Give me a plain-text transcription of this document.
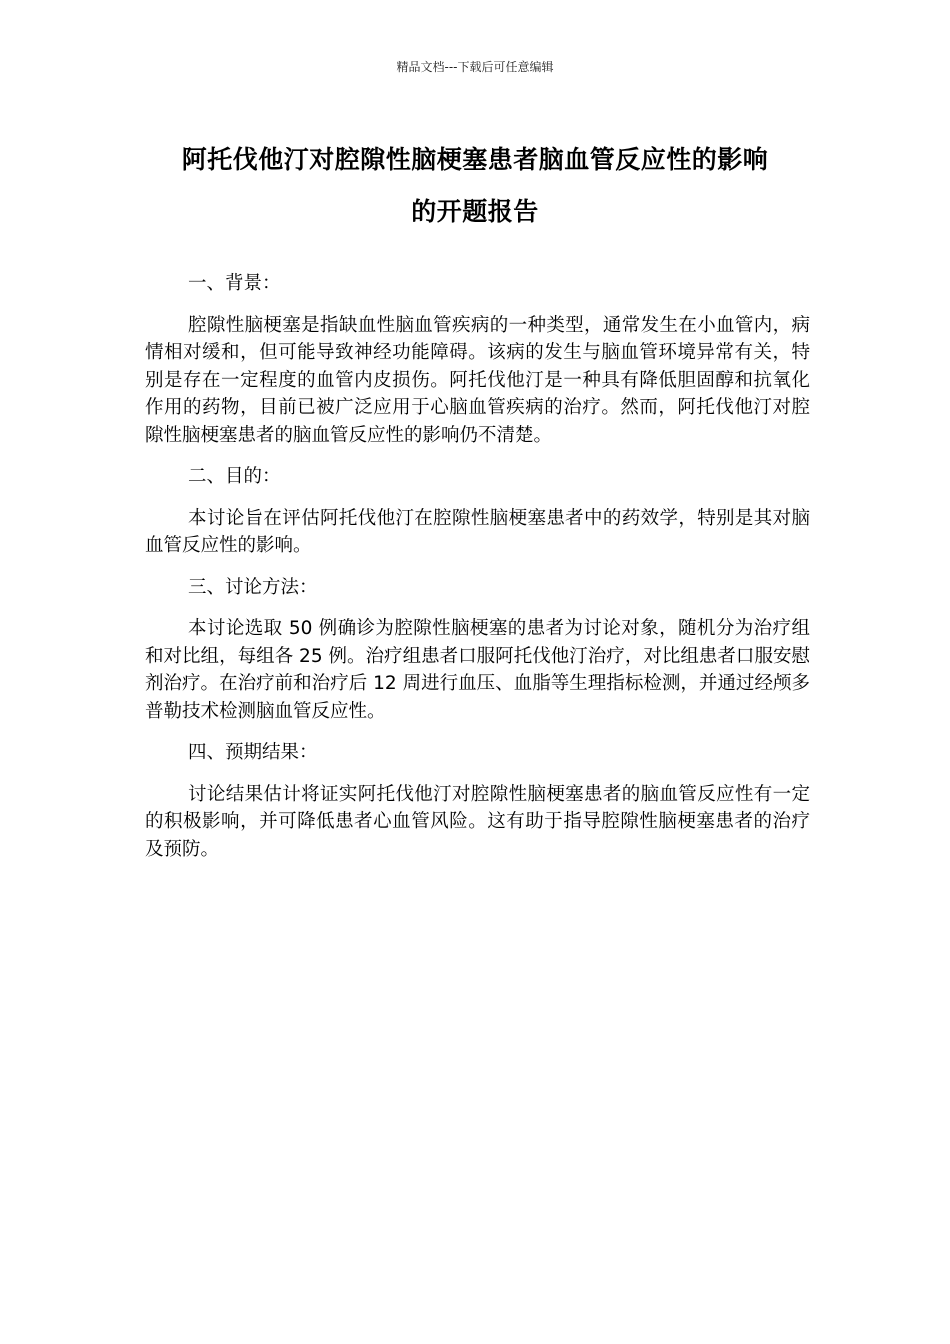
精品文档---下载后可任意编辑
阿托伐他汀对腔隙性脑梗塞患者脑血管反应性的影响
的开题报告
一、背景：
腔隙性脑梗塞是指缺血性脑血管疾病的一种类型，通常发生在小血管内，病情相对缓和，但可能导致神经功能障碍。该病的发生与脑血管环境异常有关，特别是存在一定程度的血管内皮损伤。阿托伐他汀是一种具有降低胆固醇和抗氧化作用的药物，目前已被广泛应用于心脑血管疾病的治疗。然而，阿托伐他汀对腔隙性脑梗塞患者的脑血管反应性的影响仍不清楚。
二、目的：
本讨论旨在评估阿托伐他汀在腔隙性脑梗塞患者中的药效学，特别是其对脑血管反应性的影响。
三、讨论方法：
本讨论选取 50 例确诊为腔隙性脑梗塞的患者为讨论对象，随机分为治疗组和对比组，每组各 25 例。治疗组患者口服阿托伐他汀治疗，对比组患者口服安慰剂治疗。在治疗前和治疗后 12 周进行血压、血脂等生理指标检测，并通过经颅多普勒技术检测脑血管反应性。
四、预期结果：
讨论结果估计将证实阿托伐他汀对腔隙性脑梗塞患者的脑血管反应性有一定的积极影响，并可降低患者心血管风险。这有助于指导腔隙性脑梗塞患者的治疗及预防。
